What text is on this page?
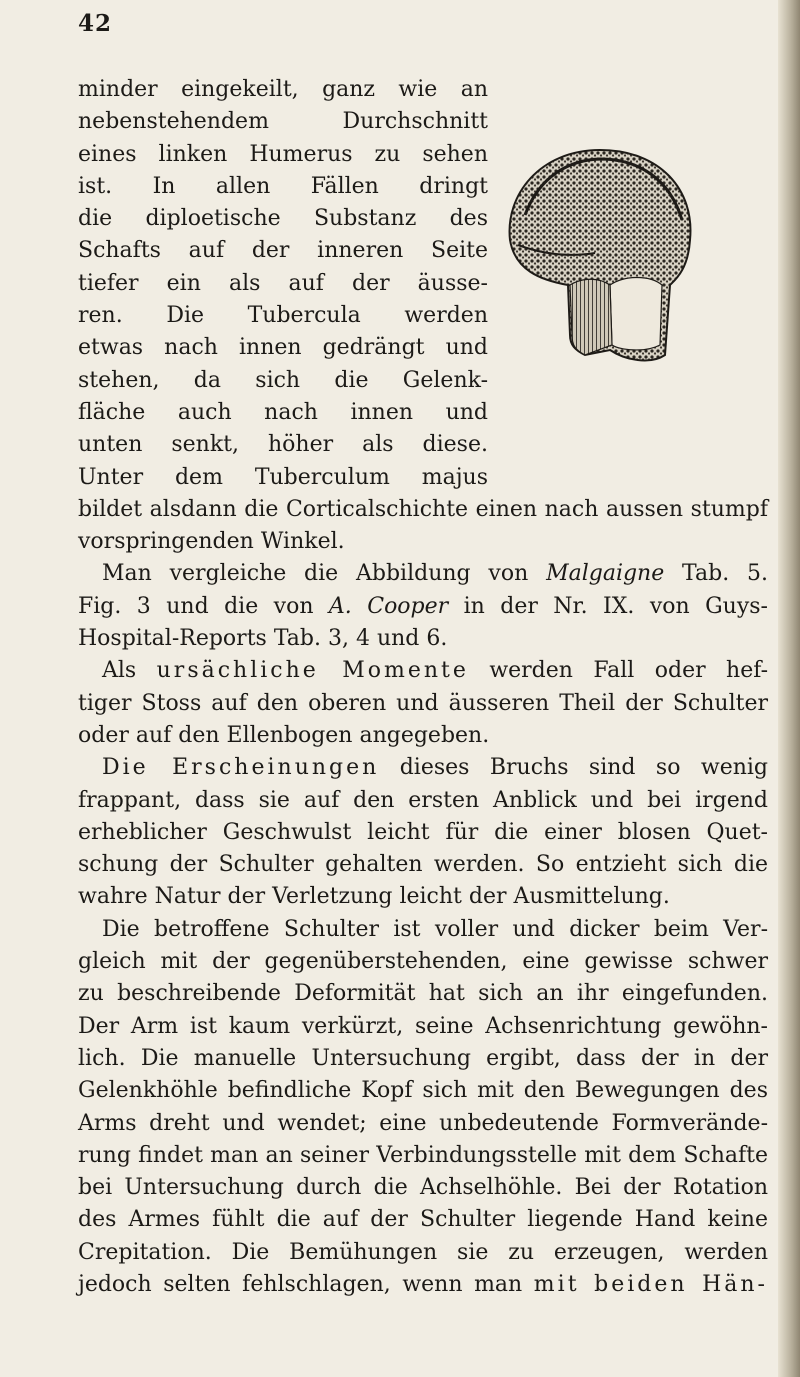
42
minder eingekeilt, ganz wie an
nebenstehendem Durchschnitt
eines linken Humerus zu sehen
ist. In allen Fällen dringt
die diploetische Substanz des
Schafts auf der inneren Seite
tiefer ein als auf der äusse-
ren. Die Tubercula werden
etwas nach innen gedrängt und
stehen, da sich die Gelenk-
fläche auch nach innen und
unten senkt, höher als diese.
Unter dem Tuberculum majus
bildet alsdann die Corticalschichte einen nach aussen stumpf
vorspringenden Winkel.
Man vergleiche die Abbildung von Malgaigne Tab. 5.
Fig. 3 und die von A. Cooper in der Nr. IX. von Guys-
Hospital-Reports Tab. 3, 4 und 6.
Als ursächliche Momente werden Fall oder hef-
tiger Stoss auf den oberen und äusseren Theil der Schulter
oder auf den Ellenbogen angegeben.
Die Erscheinungen dieses Bruchs sind so wenig
frappant, dass sie auf den ersten Anblick und bei irgend
erheblicher Geschwulst leicht für die einer blosen Quet-
schung der Schulter gehalten werden. So entzieht sich die
wahre Natur der Verletzung leicht der Ausmittelung.
Die betroffene Schulter ist voller und dicker beim Ver-
gleich mit der gegenüberstehenden, eine gewisse schwer
zu beschreibende Deformität hat sich an ihr eingefunden.
Der Arm ist kaum verkürzt, seine Achsenrichtung gewöhn-
lich. Die manuelle Untersuchung ergibt, dass der in der
Gelenkhöhle befindliche Kopf sich mit den Bewegungen des
Arms dreht und wendet; eine unbedeutende Formverände-
rung findet man an seiner Verbindungsstelle mit dem Schafte
bei Untersuchung durch die Achselhöhle. Bei der Rotation
des Armes fühlt die auf der Schulter liegende Hand keine
Crepitation. Die Bemühungen sie zu erzeugen, werden
jedoch selten fehlschlagen, wenn man mit beiden Hän-
